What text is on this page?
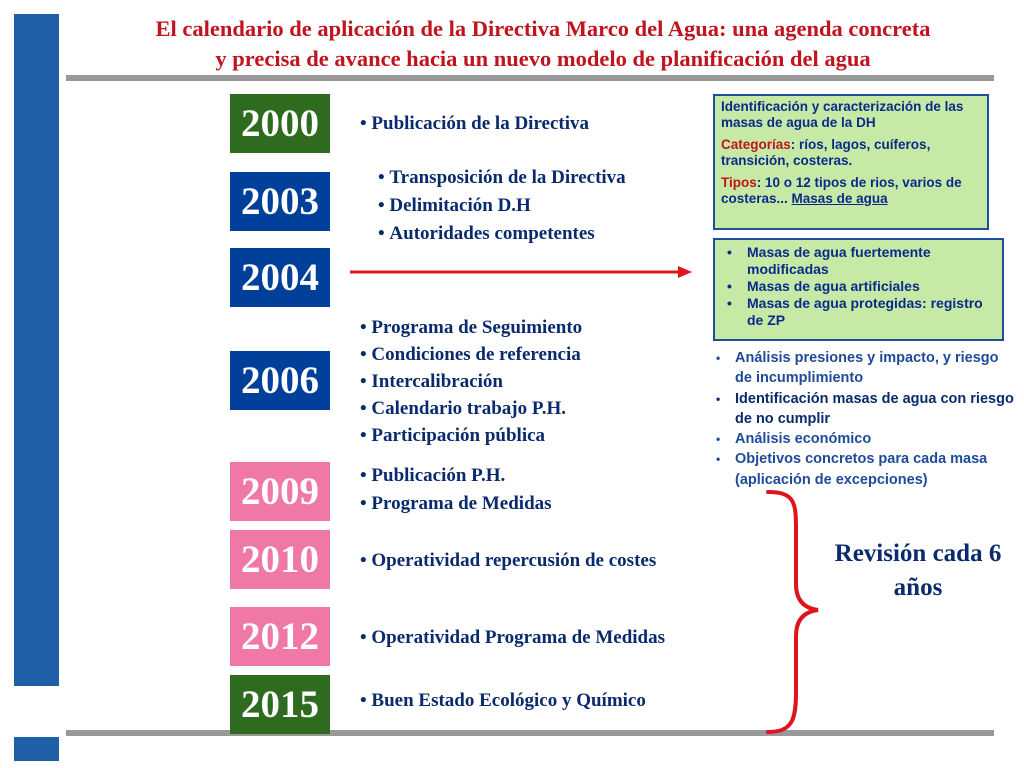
El calendario de aplicación de la Directiva Marco del Agua: una agenda concreta
y precisa de avance hacia un nuevo modelo de planificación del agua
2000
2003
2004
2006
2009
2010
2012
2015
• Publicación de la Directiva
• Transposición de la Directiva
• Delimitación D.H
• Autoridades competentes
• Programa de Seguimiento
• Condiciones de referencia
• Intercalibración
• Calendario trabajo P.H.
• Participación pública
• Publicación P.H.
• Programa de Medidas
• Operatividad repercusión de costes
• Operatividad Programa de Medidas
• Buen Estado Ecológico y Químico

Identificación y caracterización de las masas de agua de la DH

Categorías: ríos, lagos, cuíferos, transición, costeras.

Tipos: 10 o 12 tipos de rios, varios de costeras... Masas de agua

• Masas de agua fuertemente modificadas
• Masas de agua artificiales
• Masas de agua protegidas: registro de ZP
• Análisis presiones y impacto, y riesgo de incumplimiento
• Identificación masas de agua con riesgo de no cumplir
• Análisis económico
• Objetivos concretos para cada masa (aplicación de excepciones)
Revisión cada 6 años
